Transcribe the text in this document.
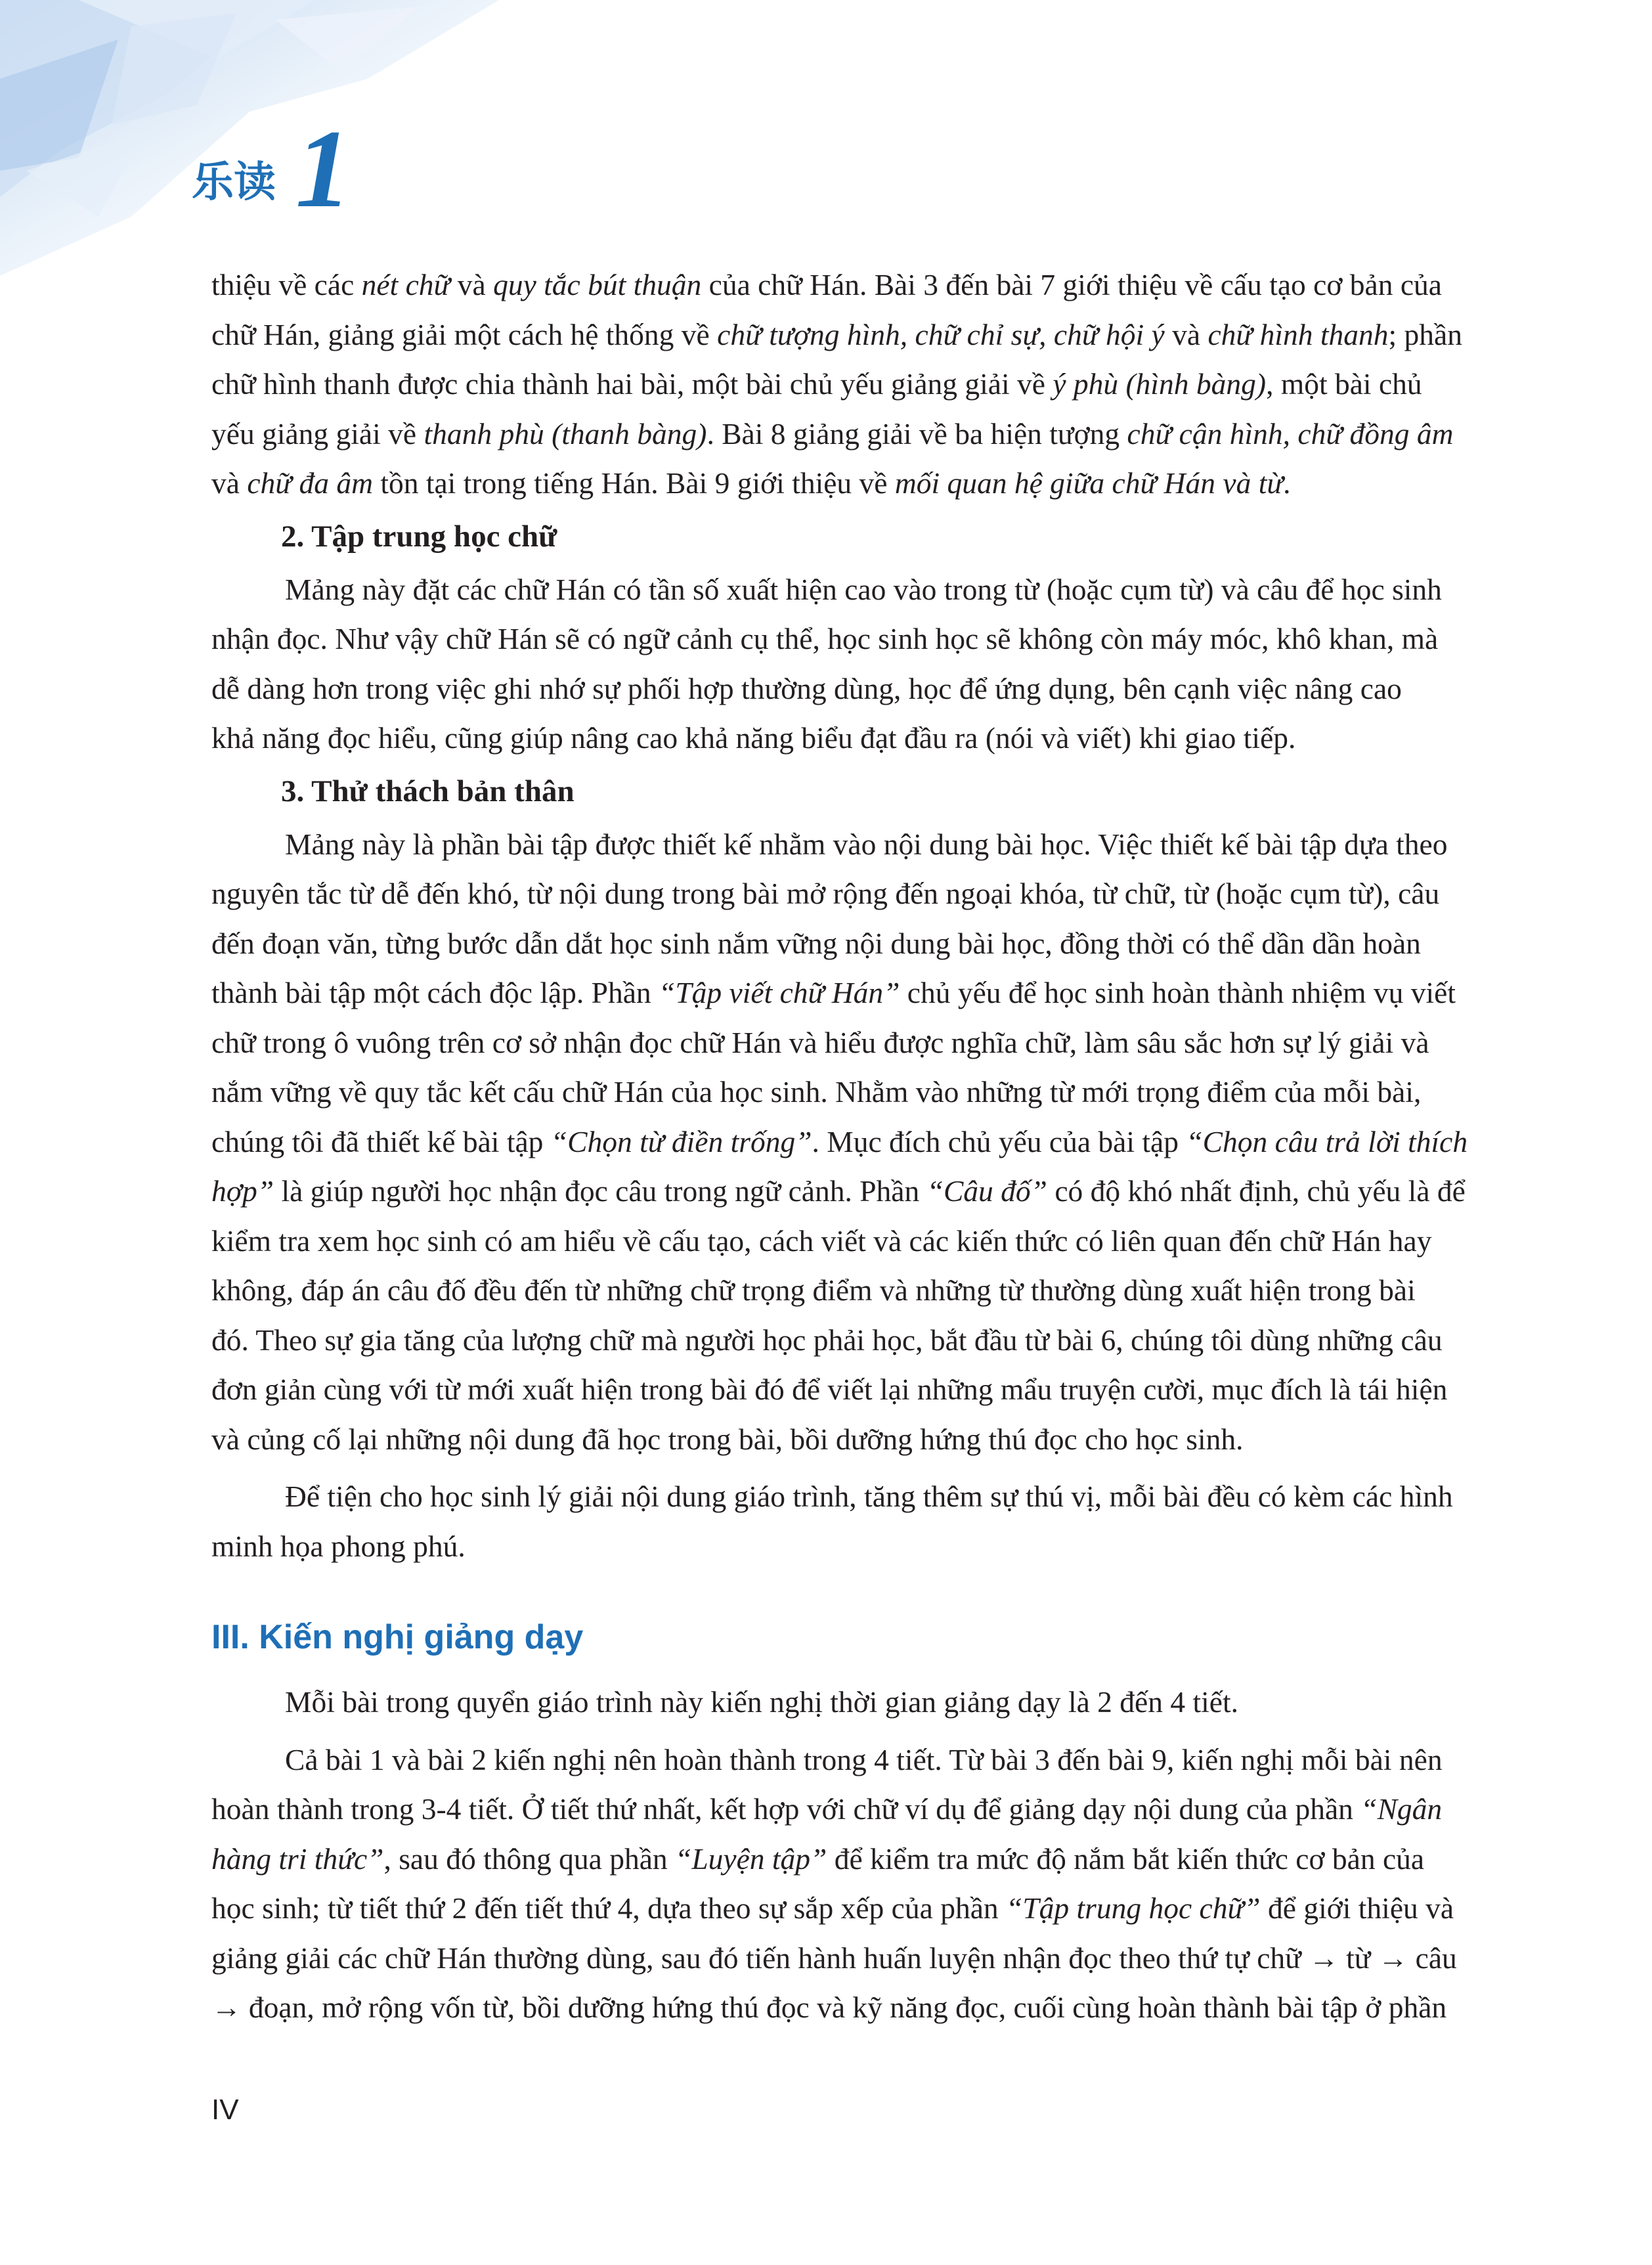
乐读 1

thiệu về các nét chữ và quy tắc bút thuận của chữ Hán. Bài 3 đến bài 7 giới thiệu về cấu tạo cơ bản của

chữ Hán, giảng giải một cách hệ thống về chữ tượng hình, chữ chỉ sự, chữ hội ý và chữ hình thanh; phần

chữ hình thanh được chia thành hai bài, một bài chủ yếu giảng giải về ý phù (hình bàng), một bài chủ

yếu giảng giải về thanh phù (thanh bàng). Bài 8 giảng giải về ba hiện tượng chữ cận hình, chữ đồng âm

và chữ đa âm tồn tại trong tiếng Hán. Bài 9 giới thiệu về mối quan hệ giữa chữ Hán và từ.

2. Tập trung học chữ

Mảng này đặt các chữ Hán có tần số xuất hiện cao vào trong từ (hoặc cụm từ) và câu để học sinh

nhận đọc. Như vậy chữ Hán sẽ có ngữ cảnh cụ thể, học sinh học sẽ không còn máy móc, khô khan, mà

dễ dàng hơn trong việc ghi nhớ sự phối hợp thường dùng, học để ứng dụng, bên cạnh việc nâng cao

khả năng đọc hiểu, cũng giúp nâng cao khả năng biểu đạt đầu ra (nói và viết) khi giao tiếp.

3. Thử thách bản thân

Mảng này là phần bài tập được thiết kế nhằm vào nội dung bài học. Việc thiết kế bài tập dựa theo

nguyên tắc từ dễ đến khó, từ nội dung trong bài mở rộng đến ngoại khóa, từ chữ, từ (hoặc cụm từ), câu

đến đoạn văn, từng bước dẫn dắt học sinh nắm vững nội dung bài học, đồng thời có thể dần dần hoàn

thành bài tập một cách độc lập. Phần “Tập viết chữ Hán” chủ yếu để học sinh hoàn thành nhiệm vụ viết

chữ trong ô vuông trên cơ sở nhận đọc chữ Hán và hiểu được nghĩa chữ, làm sâu sắc hơn sự lý giải và

nắm vững về quy tắc kết cấu chữ Hán của học sinh. Nhằm vào những từ mới trọng điểm của mỗi bài,

chúng tôi đã thiết kế bài tập “Chọn từ điền trống”. Mục đích chủ yếu của bài tập “Chọn câu trả lời thích

hợp” là giúp người học nhận đọc câu trong ngữ cảnh. Phần “Câu đố” có độ khó nhất định, chủ yếu là để

kiểm tra xem học sinh có am hiểu về cấu tạo, cách viết và các kiến thức có liên quan đến chữ Hán hay

không, đáp án câu đố đều đến từ những chữ trọng điểm và những từ thường dùng xuất hiện trong bài

đó. Theo sự gia tăng của lượng chữ mà người học phải học, bắt đầu từ bài 6, chúng tôi dùng những câu

đơn giản cùng với từ mới xuất hiện trong bài đó để viết lại những mẩu truyện cười, mục đích là tái hiện

và củng cố lại những nội dung đã học trong bài, bồi dưỡng hứng thú đọc cho học sinh.

Để tiện cho học sinh lý giải nội dung giáo trình, tăng thêm sự thú vị, mỗi bài đều có kèm các hình

minh họa phong phú.

III. Kiến nghị giảng dạy

Mỗi bài trong quyển giáo trình này kiến nghị thời gian giảng dạy là 2 đến 4 tiết.

Cả bài 1 và bài 2 kiến nghị nên hoàn thành trong 4 tiết. Từ bài 3 đến bài 9, kiến nghị mỗi bài nên

hoàn thành trong 3-4 tiết. Ở tiết thứ nhất, kết hợp với chữ ví dụ để giảng dạy nội dung của phần “Ngân

hàng tri thức”, sau đó thông qua phần “Luyện tập” để kiểm tra mức độ nắm bắt kiến thức cơ bản của

học sinh; từ tiết thứ 2 đến tiết thứ 4, dựa theo sự sắp xếp của phần “Tập trung học chữ” để giới thiệu và

giảng giải các chữ Hán thường dùng, sau đó tiến hành huấn luyện nhận đọc theo thứ tự chữ → từ → câu

→ đoạn, mở rộng vốn từ, bồi dưỡng hứng thú đọc và kỹ năng đọc, cuối cùng hoàn thành bài tập ở phần

IV
